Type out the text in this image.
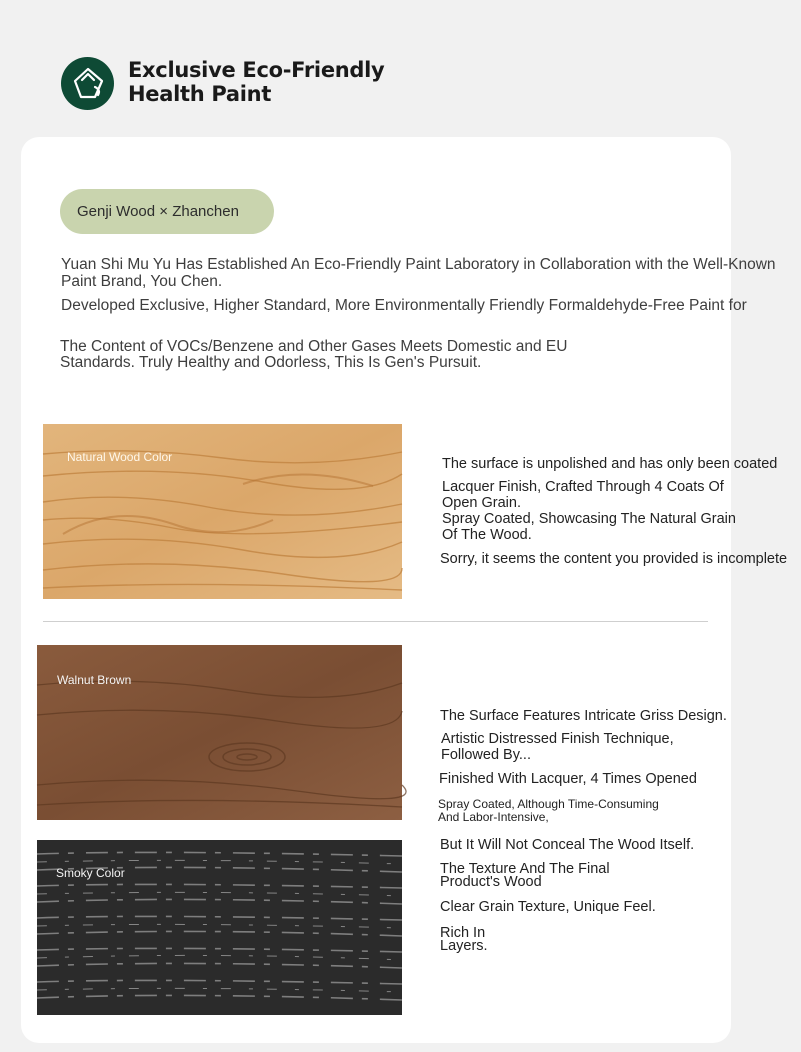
Exclusive Eco-Friendly Health Paint
Genji Wood × Zhanchen
Yuan Shi Mu Yu Has Established An Eco-Friendly Paint Laboratory in Collaboration with the Well-Known Paint Brand, You Chen.
Developed Exclusive, Higher Standard, More Environmentally Friendly Formaldehyde-Free Paint for
The Content of VOCs/Benzene and Other Gases Meets Domestic and EU Standards. Truly Healthy and Odorless, This Is Gen's Pursuit.
Natural Wood Color	The surface is unpolished and has only been coated
Lacquer Finish, Crafted Through 4 Coats Of Open Grain.
Spray Coated, Showcasing The Natural Grain Of The Wood.
Sorry, it seems the content you provided is incomplete
Walnut Brown
Smoky Color
The Surface Features Intricate Griss Design.
Artistic Distressed Finish Technique, Followed By...
Finished With Lacquer, 4 Times Opened
Spray Coated, Although Time-Consuming And Labor-Intensive,
But It Will Not Conceal The Wood Itself.
The Texture And The Final Product's Wood
Clear Grain Texture, Unique Feel.
Rich In Layers.
